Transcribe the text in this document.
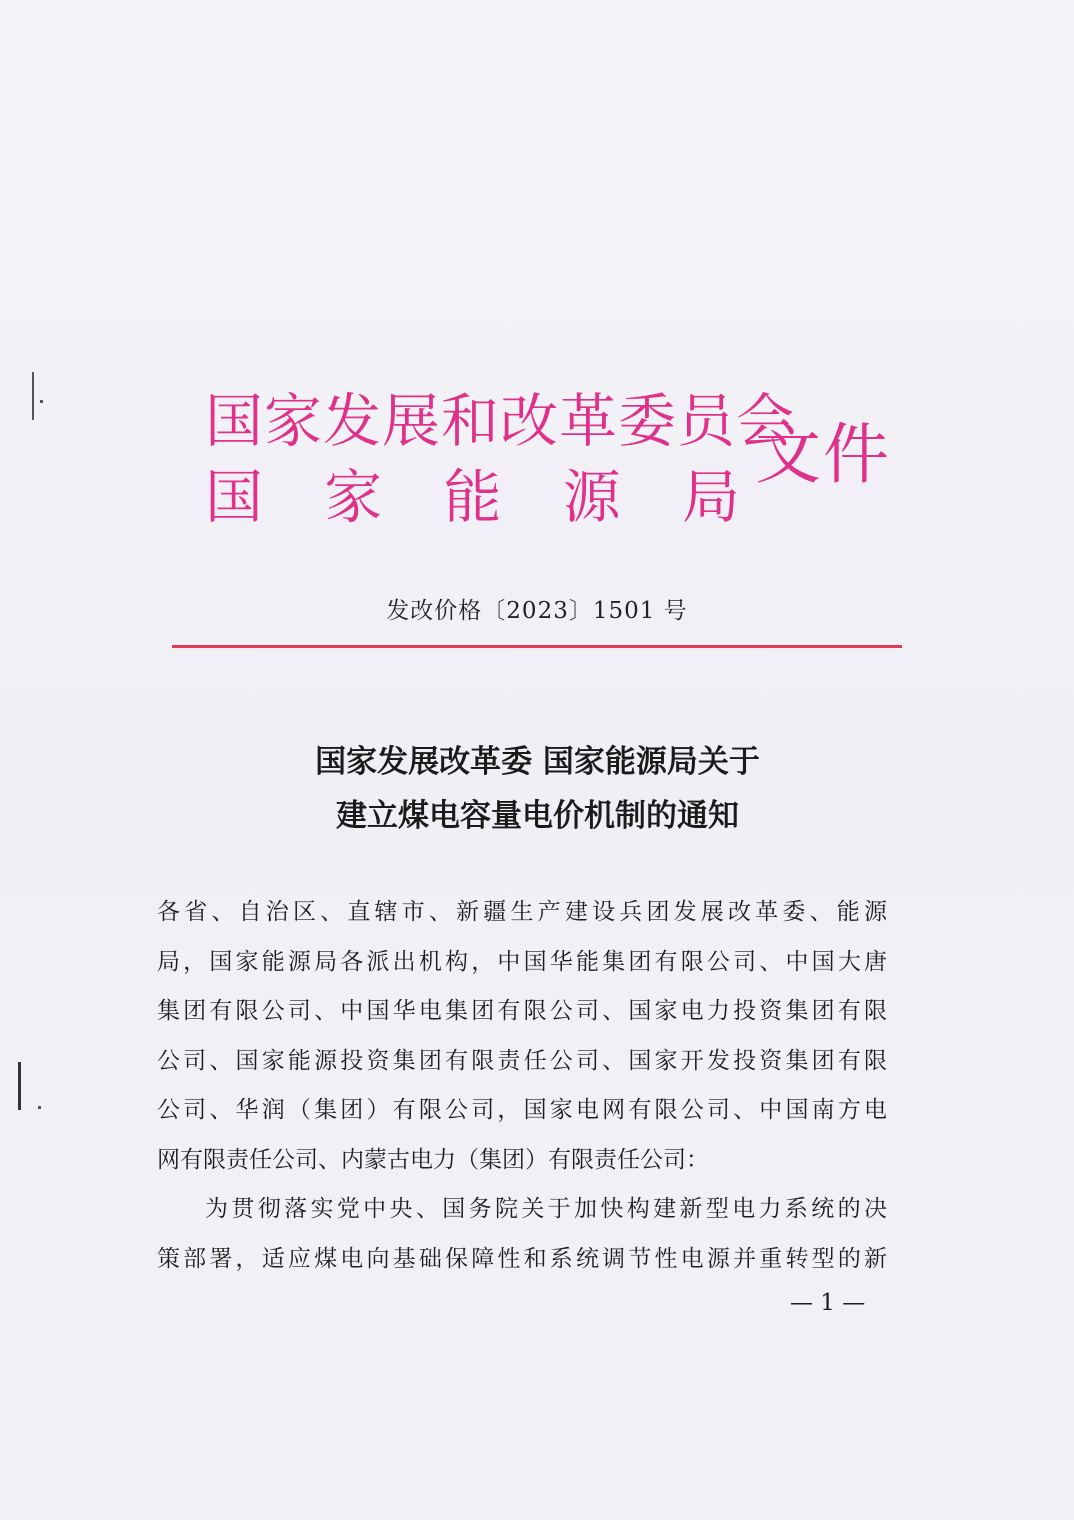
国家发展和改革委员会
国 家 能 源 局
文件
发改价格〔2023〕1501 号
国家发展改革委 国家能源局关于
建立煤电容量电价机制的通知
各省、自治区、直辖市、新疆生产建设兵团发展改革委、能源
局，国家能源局各派出机构，中国华能集团有限公司、中国大唐
集团有限公司、中国华电集团有限公司、国家电力投资集团有限
公司、国家能源投资集团有限责任公司、国家开发投资集团有限
公司、华润（集团）有限公司，国家电网有限公司、中国南方电
网有限责任公司、内蒙古电力（集团）有限责任公司：
为贯彻落实党中央、国务院关于加快构建新型电力系统的决
策部署，适应煤电向基础保障性和系统调节性电源并重转型的新
— 1 —
